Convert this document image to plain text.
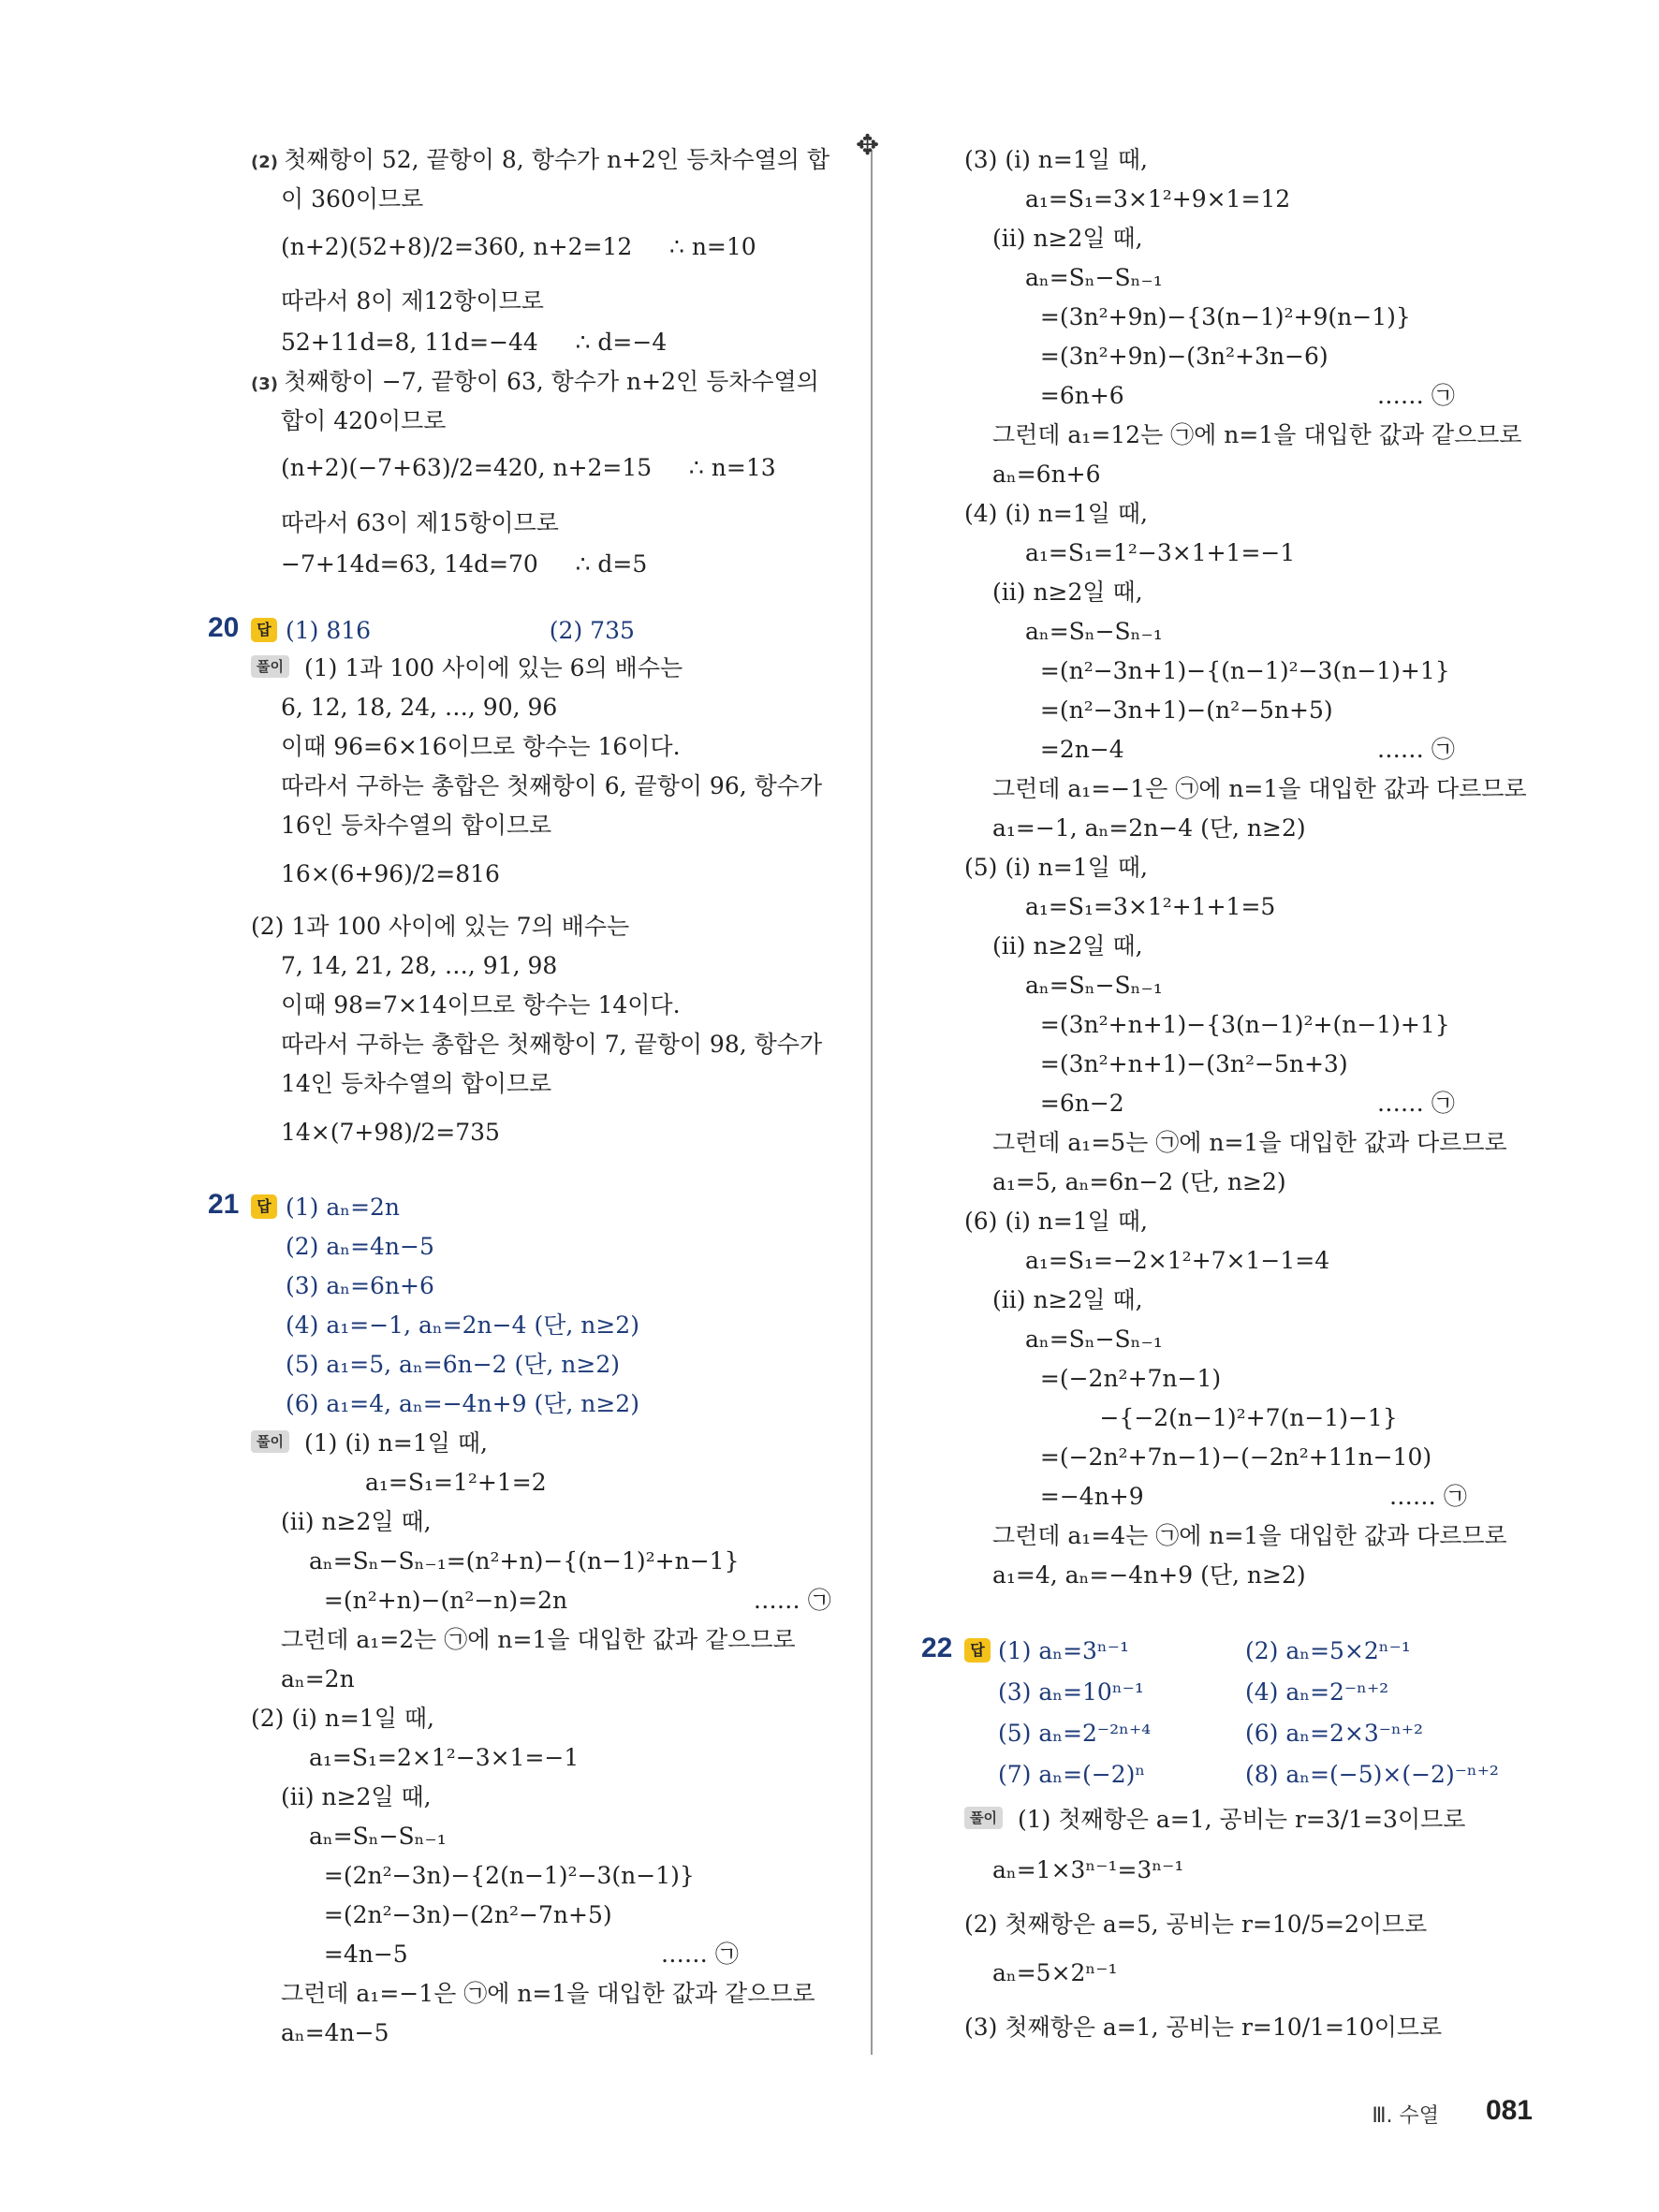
✥
(2) 첫째항이 52, 끝항이 8, 항수가 n+2인 등차수열의 합
이 360이므로
(n+2)(52+8)/2=360, n+2=12     ∴ n=10
따라서 8이 제12항이므로
52+11d=8, 11d=−44     ∴ d=−4
(3) 첫째항이 −7, 끝항이 63, 항수가 n+2인 등차수열의
합이 420이므로
(n+2)(−7+63)/2=420, n+2=15     ∴ n=13
따라서 63이 제15항이므로
−7+14d=63, 14d=70     ∴ d=5
20	답 (1) 816                        (2) 735
풀이 (1) 1과 100 사이에 있는 6의 배수는
6, 12, 18, 24, …, 90, 96
이때 96=6×16이므로 항수는 16이다.
따라서 구하는 총합은 첫째항이 6, 끝항이 96, 항수가
16인 등차수열의 합이므로
16×(6+96)/2=816
(2) 1과 100 사이에 있는 7의 배수는
7, 14, 21, 28, …, 91, 98
이때 98=7×14이므로 항수는 14이다.
따라서 구하는 총합은 첫째항이 7, 끝항이 98, 항수가
14인 등차수열의 합이므로
14×(7+98)/2=735
21	답 (1) aₙ=2n
(2) aₙ=4n−5
(3) aₙ=6n+6
(4) a₁=−1, aₙ=2n−4 (단, n≥2)
(5) a₁=5, aₙ=6n−2 (단, n≥2)
(6) a₁=4, aₙ=−4n+9 (단, n≥2)
풀이 (1) (ⅰ) n=1일 때,
a₁=S₁=1²+1=2
(ⅱ) n≥2일 때,
aₙ=Sₙ−Sₙ₋₁=(n²+n)−{(n−1)²+n−1}
=(n²+n)−(n²−n)=2n                         …… ㉠
그런데 a₁=2는 ㉠에 n=1을 대입한 값과 같으므로
aₙ=2n
(2) (ⅰ) n=1일 때,
a₁=S₁=2×1²−3×1=−1
(ⅱ) n≥2일 때,
aₙ=Sₙ−Sₙ₋₁
=(2n²−3n)−{2(n−1)²−3(n−1)}
=(2n²−3n)−(2n²−7n+5)
=4n−5                                  …… ㉠
그런데 a₁=−1은 ㉠에 n=1을 대입한 값과 같으므로
aₙ=4n−5
(3) (ⅰ) n=1일 때,
a₁=S₁=3×1²+9×1=12
(ⅱ) n≥2일 때,
aₙ=Sₙ−Sₙ₋₁
=(3n²+9n)−{3(n−1)²+9(n−1)}
=(3n²+9n)−(3n²+3n−6)
=6n+6                                  …… ㉠
그런데 a₁=12는 ㉠에 n=1을 대입한 값과 같으므로
aₙ=6n+6
(4) (ⅰ) n=1일 때,
a₁=S₁=1²−3×1+1=−1
(ⅱ) n≥2일 때,
aₙ=Sₙ−Sₙ₋₁
=(n²−3n+1)−{(n−1)²−3(n−1)+1}
=(n²−3n+1)−(n²−5n+5)
=2n−4                                  …… ㉠
그런데 a₁=−1은 ㉠에 n=1을 대입한 값과 다르므로
a₁=−1, aₙ=2n−4 (단, n≥2)
(5) (ⅰ) n=1일 때,
a₁=S₁=3×1²+1+1=5
(ⅱ) n≥2일 때,
aₙ=Sₙ−Sₙ₋₁
=(3n²+n+1)−{3(n−1)²+(n−1)+1}
=(3n²+n+1)−(3n²−5n+3)
=6n−2                                  …… ㉠
그런데 a₁=5는 ㉠에 n=1을 대입한 값과 다르므로
a₁=5, aₙ=6n−2 (단, n≥2)
(6) (ⅰ) n=1일 때,
a₁=S₁=−2×1²+7×1−1=4
(ⅱ) n≥2일 때,
aₙ=Sₙ−Sₙ₋₁
=(−2n²+7n−1)
−{−2(n−1)²+7(n−1)−1}
=(−2n²+7n−1)−(−2n²+11n−10)
=−4n+9                                 …… ㉠
그런데 a₁=4는 ㉠에 n=1을 대입한 값과 다르므로
a₁=4, aₙ=−4n+9 (단, n≥2)
22	답 (1) aₙ=3ⁿ⁻¹	(2) aₙ=5×2ⁿ⁻¹
(3) aₙ=10ⁿ⁻¹	(4) aₙ=2⁻ⁿ⁺²
(5) aₙ=2⁻²ⁿ⁺⁴	(6) aₙ=2×3⁻ⁿ⁺²
(7) aₙ=(−2)ⁿ	(8) aₙ=(−5)×(−2)⁻ⁿ⁺²
풀이 (1) 첫째항은 a=1, 공비는 r=3/1=3이므로
aₙ=1×3ⁿ⁻¹=3ⁿ⁻¹
(2) 첫째항은 a=5, 공비는 r=10/5=2이므로
aₙ=5×2ⁿ⁻¹
(3) 첫째항은 a=1, 공비는 r=10/1=10이므로
Ⅲ. 수열 081
